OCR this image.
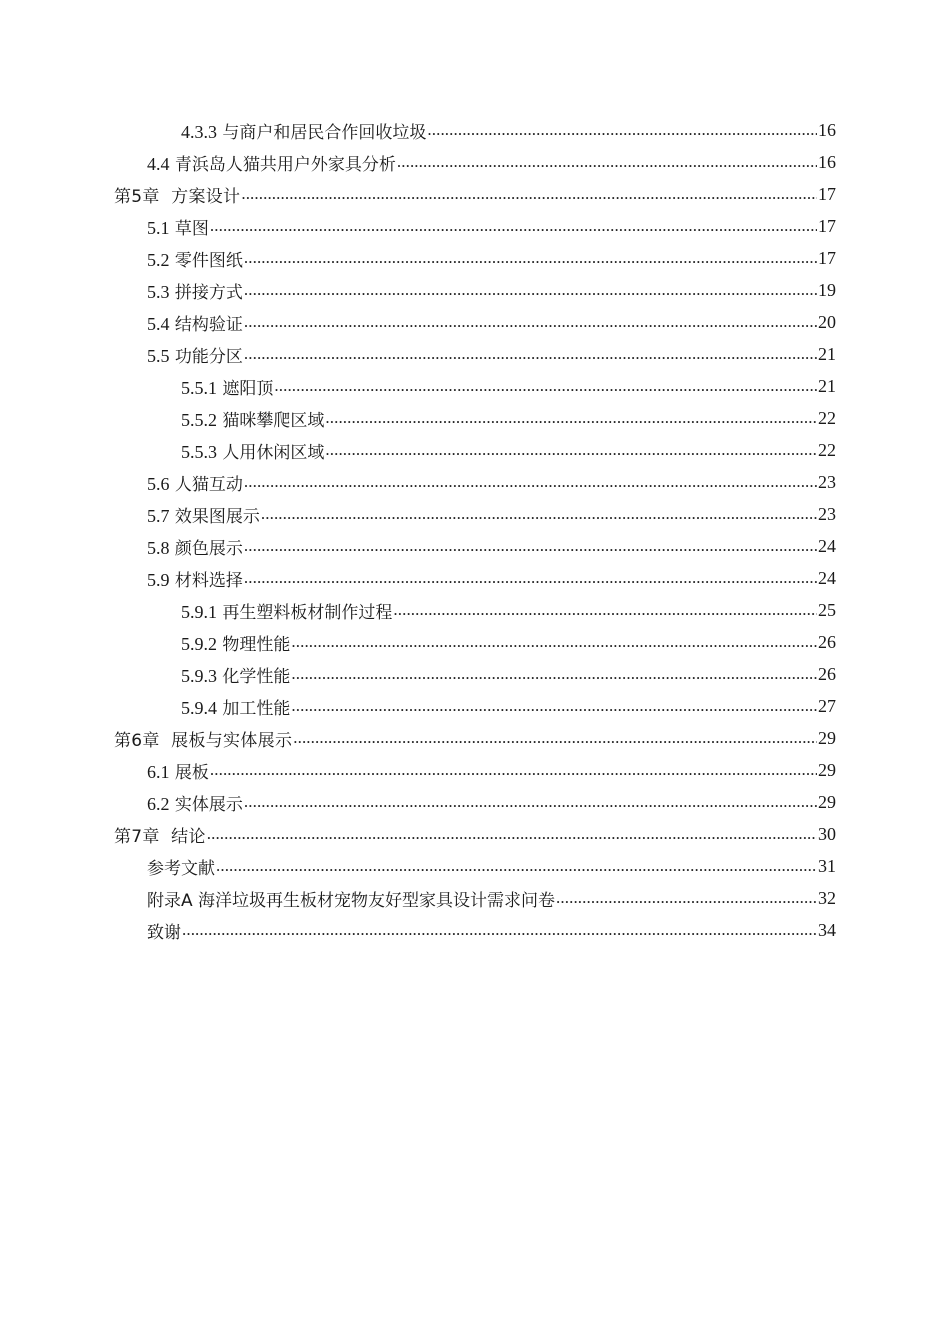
4.3.3 与商户和居民合作回收垃圾 .....	16
4.4 青浜岛人猫共用户外家具分析 .....	16
第5章 方案设计 .....	17
5.1 草图 .....	17
5.2 零件图纸 .....	17
5.3 拼接方式 .....	19
5.4 结构验证 .....	20
5.5 功能分区 .....	21
5.5.1 遮阳顶 .....	21
5.5.2 猫咪攀爬区域 .....	22
5.5.3 人用休闲区域 .....	22
5.6 人猫互动 .....	23
5.7 效果图展示 .....	23
5.8 颜色展示 .....	24
5.9 材料选择 .....	24
5.9.1 再生塑料板材制作过程 .....	25
5.9.2 物理性能 .....	26
5.9.3 化学性能 .....	26
5.9.4 加工性能 .....	27
第6章 展板与实体展示 .....	29
6.1 展板 .....	29
6.2 实体展示 .....	29
第7章 结论 .....	30
参考文献 .....	31
附录A 海洋垃圾再生板材宠物友好型家具设计需求问卷 .....	32
致谢 .....	34
